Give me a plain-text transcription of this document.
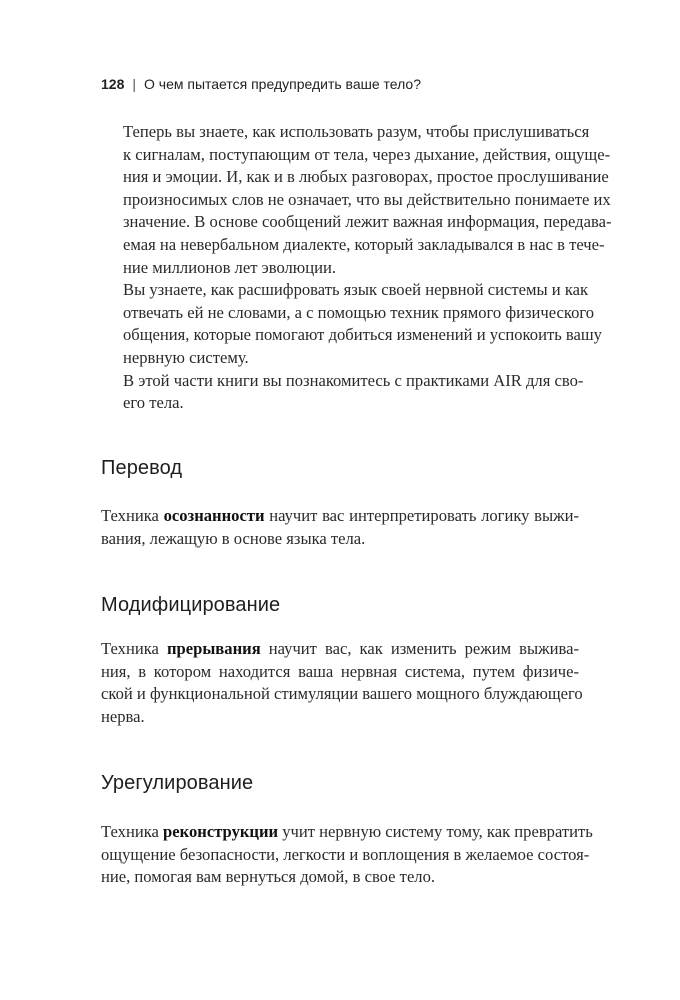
128 | О чем пытается предупредить ваше тело?

Теперь вы знаете, как использовать разум, чтобы прислушиваться
к сигналам, поступающим от тела, через дыхание, действия, ощуще-
ния и эмоции. И, как и в любых разговорах, простое прослушивание
произносимых слов не означает, что вы действительно понимаете их
значение. В основе сообщений лежит важная информация, передава-
емая на невербальном диалекте, который закладывался в нас в тече-
ние миллионов лет эволюции.

Вы узнаете, как расшифровать язык своей нервной системы и как
отвечать ей не словами, а с помощью техник прямого физического
общения, которые помогают добиться изменений и успокоить вашу
нервную систему.

В этой части книги вы познакомитесь с практиками AIR для сво-
его тела.

Перевод

Техника осознанности научит вас интерпретировать логику выжи-
вания, лежащую в основе языка тела.

Модифицирование

Техника прерывания научит вас, как изменить режим выжива-
ния, в котором находится ваша нервная система, путем физиче-
ской и функциональной стимуляции вашего мощного блуждающего
нерва.

Урегулирование

Техника реконструкции учит нервную систему тому, как превратить
ощущение безопасности, легкости и воплощения в желаемое состоя-
ние, помогая вам вернуться домой, в свое тело.
